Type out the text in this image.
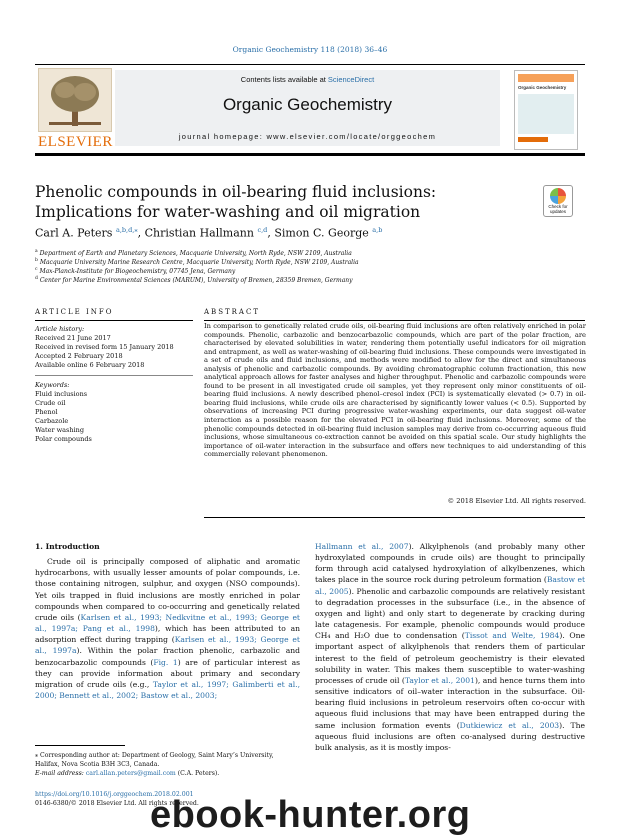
Organic Geochemistry 118 (2018) 36–46
ELSEVIER
Contents lists available at ScienceDirect
Organic Geochemistry
journal homepage: www.elsevier.com/locate/orggeochem
Organic Geochemistry
Phenolic compounds in oil-bearing fluid inclusions: Implications for water-washing and oil migration	Check for
updates
Carl A. Peters $^{a,b,d,⁎}$, Christian Hallmann $^{c,d}$, Simon C. George $^{a,b}$
$^a$ Department of Earth and Planetary Sciences, Macquarie University, North Ryde, NSW 2109, Australia
$^b$ Macquarie University Marine Research Centre, Macquarie University, North Ryde, NSW 2109, Australia
$^c$ Max-Planck-Institute for Biogeochemistry, 07745 Jena, Germany
$^d$ Center for Marine Environmental Sciences (MARUM), University of Bremen, 28359 Bremen, Germany
ARTICLE INFO	ABSTRACT
Article history:
Received 21 June 2017
Received in revised form 15 January 2018
Accepted 2 February 2018
Available online 6 February 2018
Keywords:
Fluid inclusions
Crude oil
Phenol
Carbazole
Water washing
Polar compounds
In comparison to genetically related crude oils, oil-bearing fluid inclusions are often relatively enriched in polar compounds. Phenolic, carbazolic and benzocarbazolic compounds, which are part of the polar fraction, are characterised by elevated solubilities in water, rendering them potentially useful indicators for oil migration and entrapment, as well as water-washing of oil-bearing fluid inclusions. These compounds were investigated in a set of crude oils and fluid inclusions, and methods were modified to allow for the direct and simultaneous analysis of phenolic and carbazolic compounds. By avoiding chromatographic column fractionation, this new analytical approach allows for faster analyses and higher throughput. Phenolic and carbazolic compounds were found to be present in all investigated crude oil samples, yet they represent only minor constituents of oil-bearing fluid inclusions. A newly described phenol–cresol index (PCI) is systematically elevated (> 0.7) in oil-bearing fluid inclusions, while crude oils are characterised by significantly lower values (< 0.5). Supported by observations of increasing PCI during progressive water-washing experiments, our data suggest oil-water interaction as a possible reason for the elevated PCI in oil-bearing fluid inclusions. Moreover, some of the phenolic compounds detected in oil-bearing fluid inclusion samples may derive from co-occurring aqueous fluid inclusions, whose simultaneous co-extraction cannot be avoided on this spatial scale. Our study highlights the importance of oil-water interaction in the subsurface and offers new techniques to aid understanding of this commercially relevant phenomenon.
© 2018 Elsevier Ltd. All rights reserved.
1. Introduction
Crude oil is principally composed of aliphatic and aromatic hydrocarbons, with usually lesser amounts of polar compounds, i.e. those containing nitrogen, sulphur, and oxygen (NSO compounds). Yet oils trapped in fluid inclusions are mostly enriched in polar compounds when compared to co-occurring and genetically related crude oils (Karlsen et al., 1993; Nedkvitne et al., 1993; George et al., 1997a; Pang et al., 1998), which has been attributed to an adsorption effect during trapping (Karlsen et al., 1993; George et al., 1997a). Within the polar fraction phenolic, carbazolic and benzocarbazolic compounds (Fig. 1) are of particular interest as they can provide information about primary and secondary migration of crude oils (e.g., Taylor et al., 1997; Galimberti et al., 2000; Bennett et al., 2002; Bastow et al., 2003;
Hallmann et al., 2007). Alkylphenols (and probably many other hydroxylated compounds in crude oils) are thought to principally form through acid catalysed hydroxylation of alkylbenzenes, which takes place in the source rock during petroleum formation (Bastow et al., 2005). Phenolic and carbazolic compounds are relatively resistant to degradation processes in the subsurface (i.e., in the absence of oxygen and light) and only start to degenerate by cracking during late catagenesis. For example, phenolic compounds would produce CH₄ and H₂O due to condensation (Tissot and Welte, 1984). One important aspect of alkylphenols that renders them of particular interest to the field of petroleum geochemistry is their elevated solubility in water. This makes them susceptible to water-washing processes of crude oil (Taylor et al., 2001), and hence turns them into sensitive indicators of oil–water interaction in the subsurface. Oil-bearing fluid inclusions in petroleum reservoirs often co-occur with aqueous fluid inclusions that may have been entrapped during the same inclusion formation events (Dutkiewicz et al., 2003). The aqueous fluid inclusions are often co-analysed during destructive bulk analysis, as it is mostly impos-
⁎ Corresponding author at: Department of Geology, Saint Mary’s University, Halifax, Nova Scotia B3H 3C3, Canada.
E-mail address: carl.allan.peters@gmail.com (C.A. Peters).
https://doi.org/10.1016/j.orggeochem.2018.02.001
0146-6380/© 2018 Elsevier Ltd. All rights reserved.
ebook-hunter.org
